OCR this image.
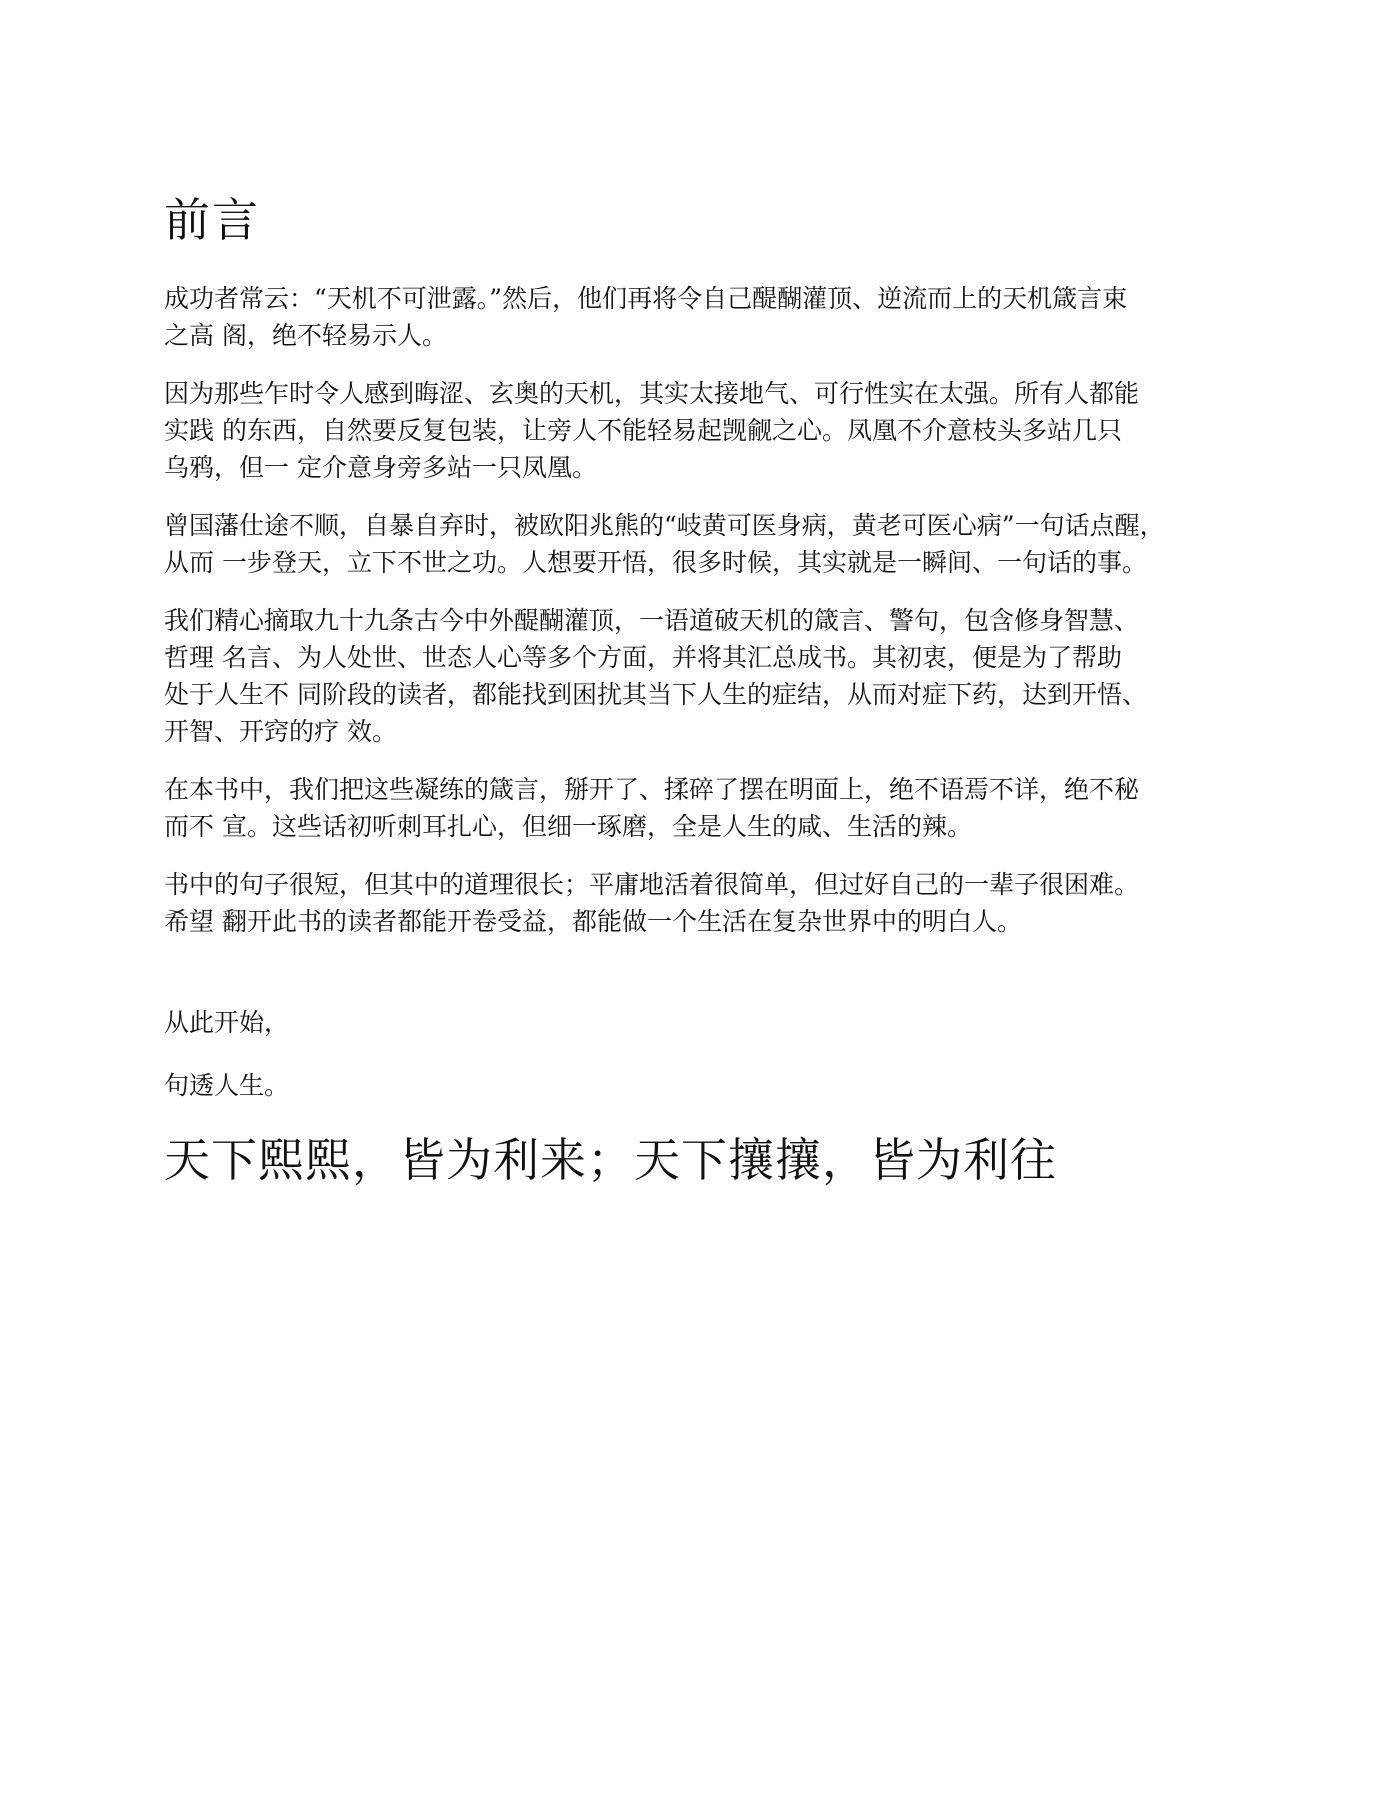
前言

成功者常云：“天机不可泄露。”然后，他们再将令自己醍醐灌顶、逆流而上的天机箴言束
之高 阁，绝不轻易示人。

因为那些乍时令人感到晦涩、玄奥的天机，其实太接地气、可行性实在太强。所有人都能
实践 的东西，自然要反复包装，让旁人不能轻易起觊觎之心。凤凰不介意枝头多站几只
乌鸦，但一 定介意身旁多站一只凤凰。

曾国藩仕途不顺，自暴自弃时，被欧阳兆熊的“岐黄可医身病，黄老可医心病”一句话点醒，
从而 一步登天，立下不世之功。人想要开悟，很多时候，其实就是一瞬间、一句话的事。

我们精心摘取九十九条古今中外醍醐灌顶，一语道破天机的箴言、警句，包含修身智慧、
哲理 名言、为人处世、世态人心等多个方面，并将其汇总成书。其初衷，便是为了帮助
处于人生不 同阶段的读者，都能找到困扰其当下人生的症结，从而对症下药，达到开悟、
开智、开窍的疗 效。

在本书中，我们把这些凝练的箴言，掰开了、揉碎了摆在明面上，绝不语焉不详，绝不秘
而不 宣。这些话初听刺耳扎心，但细一琢磨，全是人生的咸、生活的辣。

书中的句子很短，但其中的道理很长；平庸地活着很简单，但过好自己的一辈子很困难。
希望 翻开此书的读者都能开卷受益，都能做一个生活在复杂世界中的明白人。

从此开始，

句透人生。

天下熙熙，皆为利来；天下攘攘，皆为利往
